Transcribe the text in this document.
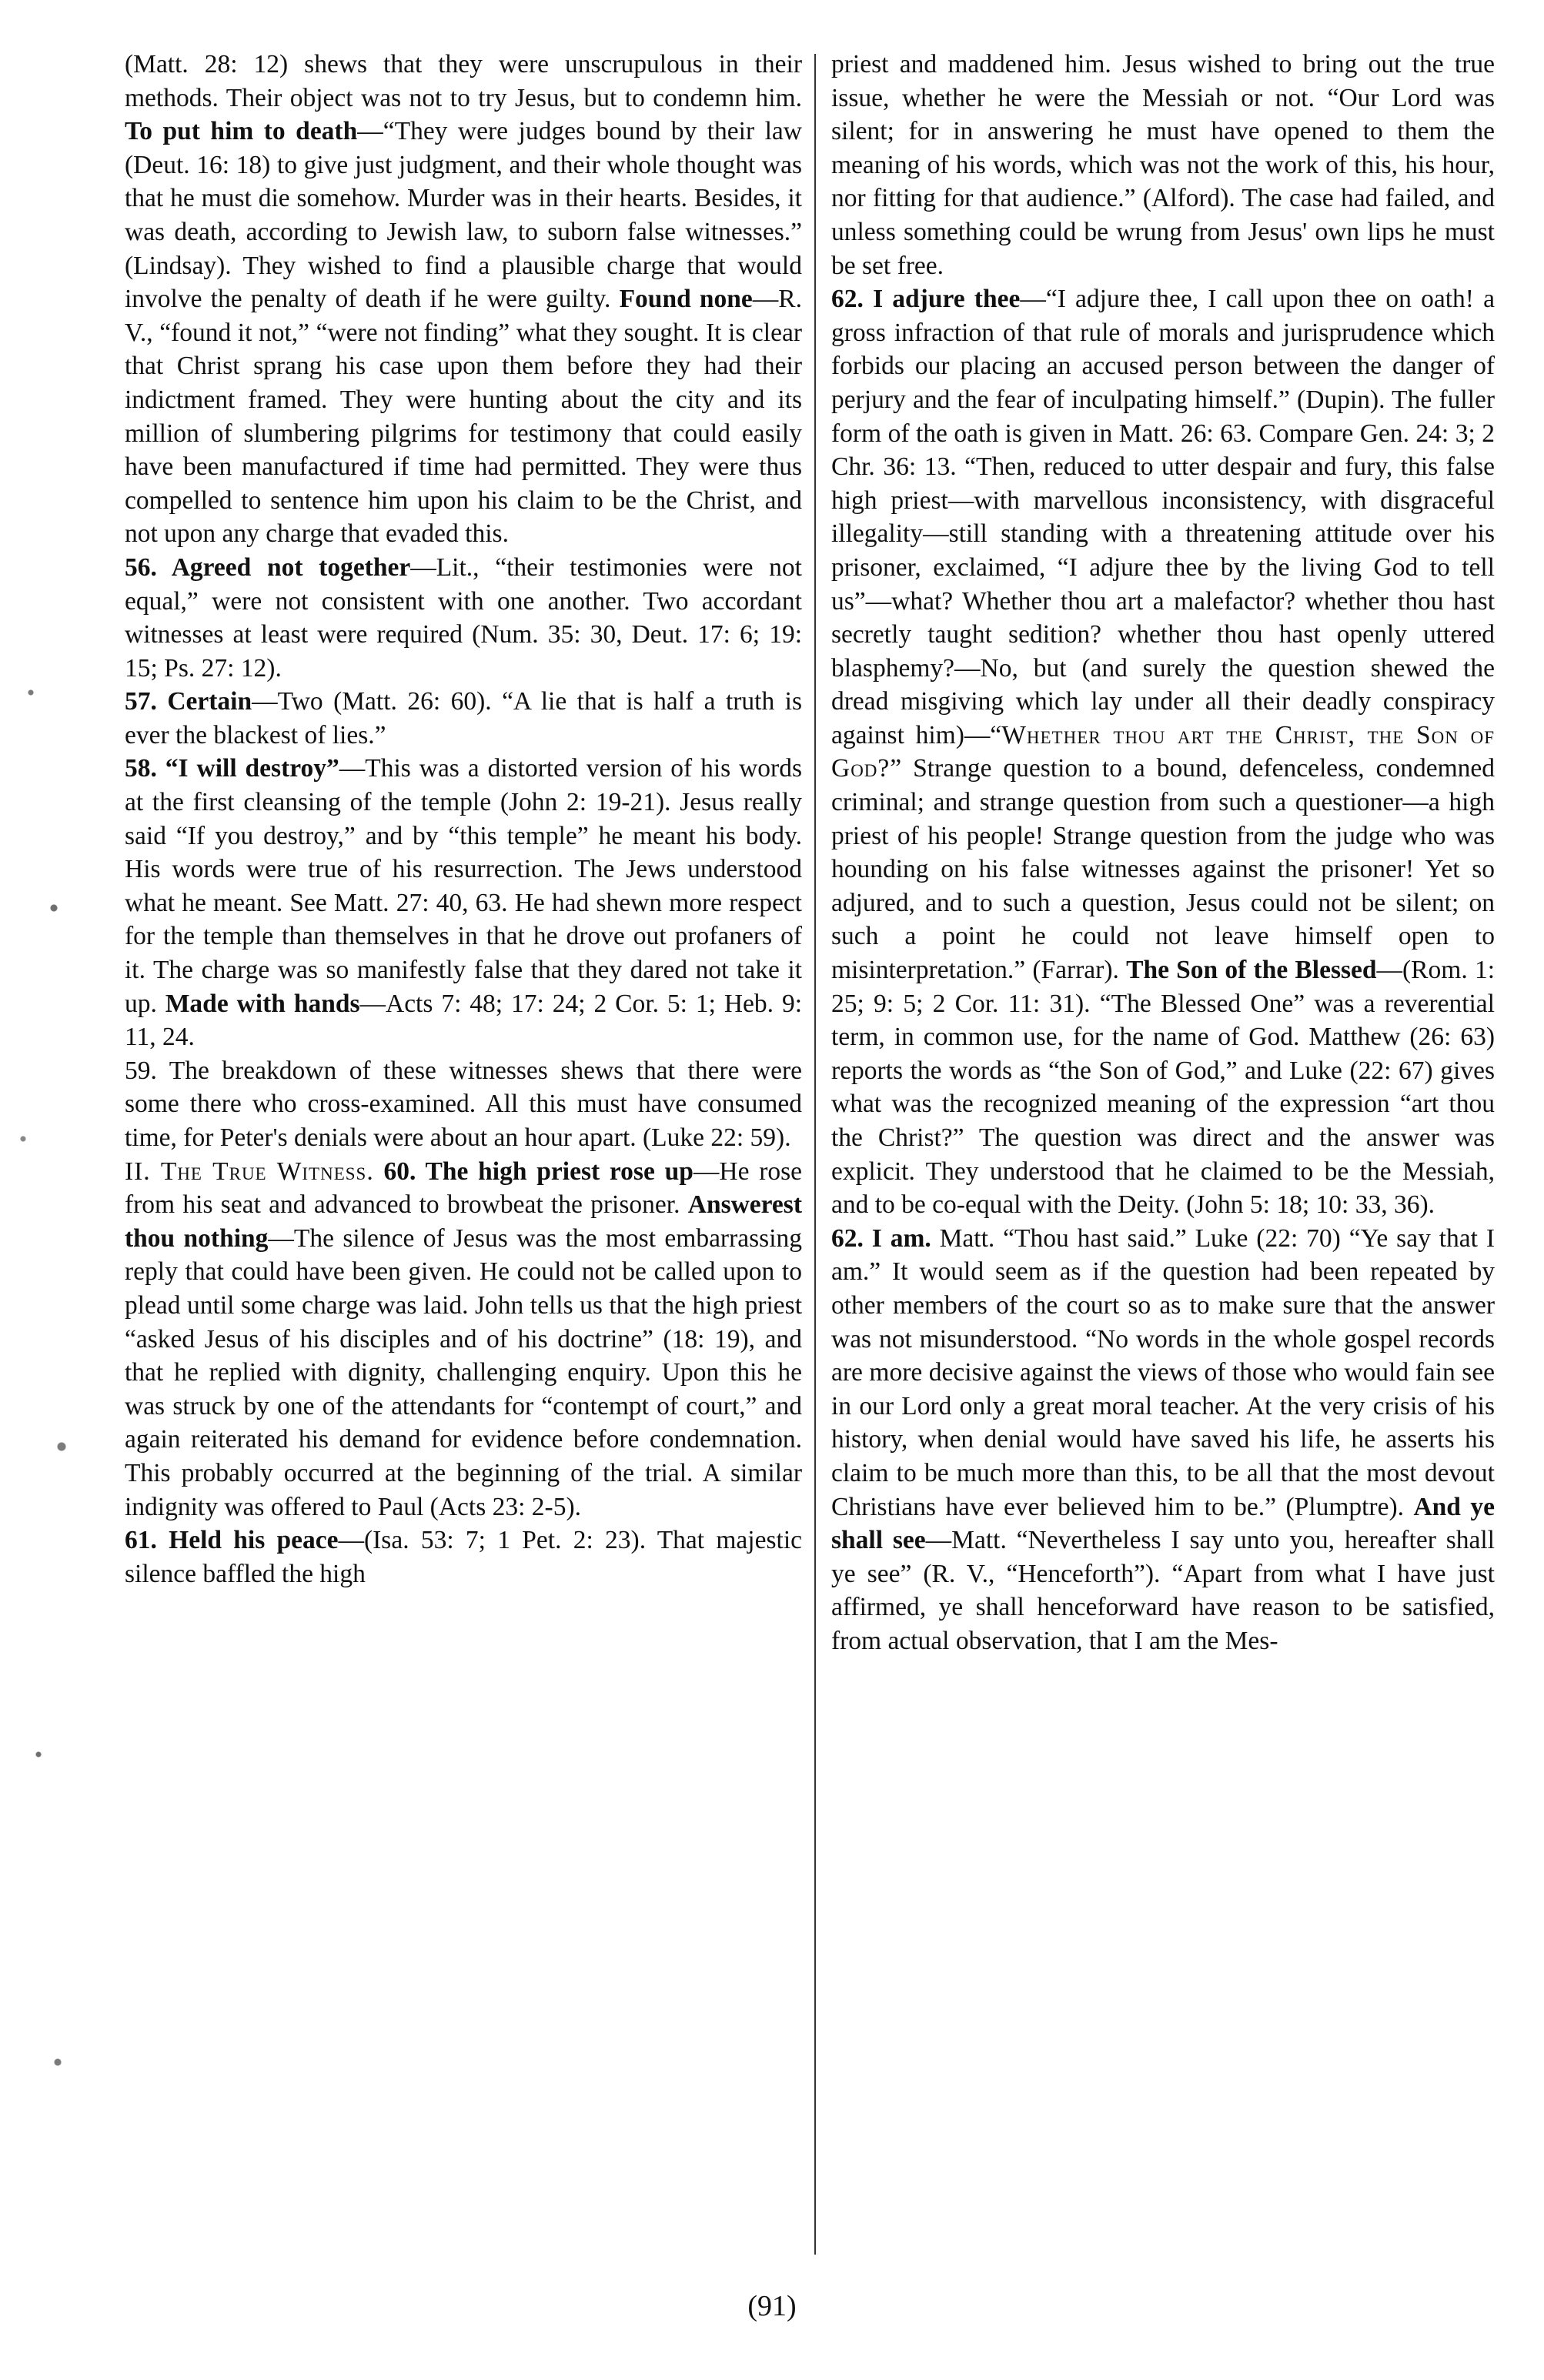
(Matt. 28: 12) shews that they were unscrupulous in their methods. Their object was not to try Jesus, but to condemn him. To put him to death—“They were judges bound by their law (Deut. 16: 18) to give just judgment, and their whole thought was that he must die somehow. Murder was in their hearts. Besides, it was death, according to Jewish law, to suborn false witnesses.” (Lindsay). They wished to find a plausible charge that would involve the penalty of death if he were guilty. Found none—R. V., “found it not,” “were not finding” what they sought. It is clear that Christ sprang his case upon them before they had their indictment framed. They were hunting about the city and its million of slumbering pilgrims for testimony that could easily have been manufactured if time had permitted. They were thus compelled to sentence him upon his claim to be the Christ, and not upon any charge that evaded this.

56. Agreed not together—Lit., “their testimonies were not equal,” were not consistent with one another. Two accordant witnesses at least were required (Num. 35: 30, Deut. 17: 6; 19: 15; Ps. 27: 12).

57. Certain—Two (Matt. 26: 60). “A lie that is half a truth is ever the blackest of lies.”

58. “I will destroy”—This was a distorted version of his words at the first cleansing of the temple (John 2: 19-21). Jesus really said “If you destroy,” and by “this temple” he meant his body. His words were true of his resurrection. The Jews understood what he meant. See Matt. 27: 40, 63. He had shewn more respect for the temple than themselves in that he drove out profaners of it. The charge was so manifestly false that they dared not take it up. Made with hands—Acts 7: 48; 17: 24; 2 Cor. 5: 1; Heb. 9: 11, 24.

59. The breakdown of these witnesses shews that there were some there who cross-examined. All this must have consumed time, for Peter's denials were about an hour apart. (Luke 22: 59).

II. The True Witness. 60. The high priest rose up—He rose from his seat and advanced to browbeat the prisoner. Answerest thou nothing—The silence of Jesus was the most embarrassing reply that could have been given. He could not be called upon to plead until some charge was laid. John tells us that the high priest “asked Jesus of his disciples and of his doctrine” (18: 19), and that he replied with dignity, challenging enquiry. Upon this he was struck by one of the attendants for “contempt of court,” and again reiterated his demand for evidence before condemnation. This probably occurred at the beginning of the trial. A similar indignity was offered to Paul (Acts 23: 2-5).

61. Held his peace—(Isa. 53: 7; 1 Pet. 2: 23). That majestic silence baffled the high

priest and maddened him. Jesus wished to bring out the true issue, whether he were the Messiah or not. “Our Lord was silent; for in answering he must have opened to them the meaning of his words, which was not the work of this, his hour, nor fitting for that audience.” (Alford). The case had failed, and unless something could be wrung from Jesus' own lips he must be set free.

62. I adjure thee—“I adjure thee, I call upon thee on oath! a gross infraction of that rule of morals and jurisprudence which forbids our placing an accused person between the danger of perjury and the fear of inculpating himself.” (Dupin). The fuller form of the oath is given in Matt. 26: 63. Compare Gen. 24: 3; 2 Chr. 36: 13. “Then, reduced to utter despair and fury, this false high priest—with marvellous inconsistency, with disgraceful illegality—still standing with a threatening attitude over his prisoner, exclaimed, “I adjure thee by the living God to tell us”—what? Whether thou art a malefactor? whether thou hast secretly taught sedition? whether thou hast openly uttered blasphemy?—No, but (and surely the question shewed the dread misgiving which lay under all their deadly conspiracy against him)—“Whether thou art the Christ, the Son of God?” Strange question to a bound, defenceless, condemned criminal; and strange question from such a questioner—a high priest of his people! Strange question from the judge who was hounding on his false witnesses against the prisoner! Yet so adjured, and to such a question, Jesus could not be silent; on such a point he could not leave himself open to misinterpretation.” (Farrar). The Son of the Blessed—(Rom. 1: 25; 9: 5; 2 Cor. 11: 31). “The Blessed One” was a reverential term, in common use, for the name of God. Matthew (26: 63) reports the words as “the Son of God,” and Luke (22: 67) gives what was the recognized meaning of the expression “art thou the Christ?” The question was direct and the answer was explicit. They understood that he claimed to be the Messiah, and to be co-equal with the Deity. (John 5: 18; 10: 33, 36).

62. I am. Matt. “Thou hast said.” Luke (22: 70) “Ye say that I am.” It would seem as if the question had been repeated by other members of the court so as to make sure that the answer was not misunderstood. “No words in the whole gospel records are more decisive against the views of those who would fain see in our Lord only a great moral teacher. At the very crisis of his history, when denial would have saved his life, he asserts his claim to be much more than this, to be all that the most devout Christians have ever believed him to be.” (Plumptre). And ye shall see—Matt. “Nevertheless I say unto you, hereafter shall ye see” (R. V., “Henceforth”). “Apart from what I have just affirmed, ye shall henceforward have reason to be satisfied, from actual observation, that I am the Mes-

(91)
